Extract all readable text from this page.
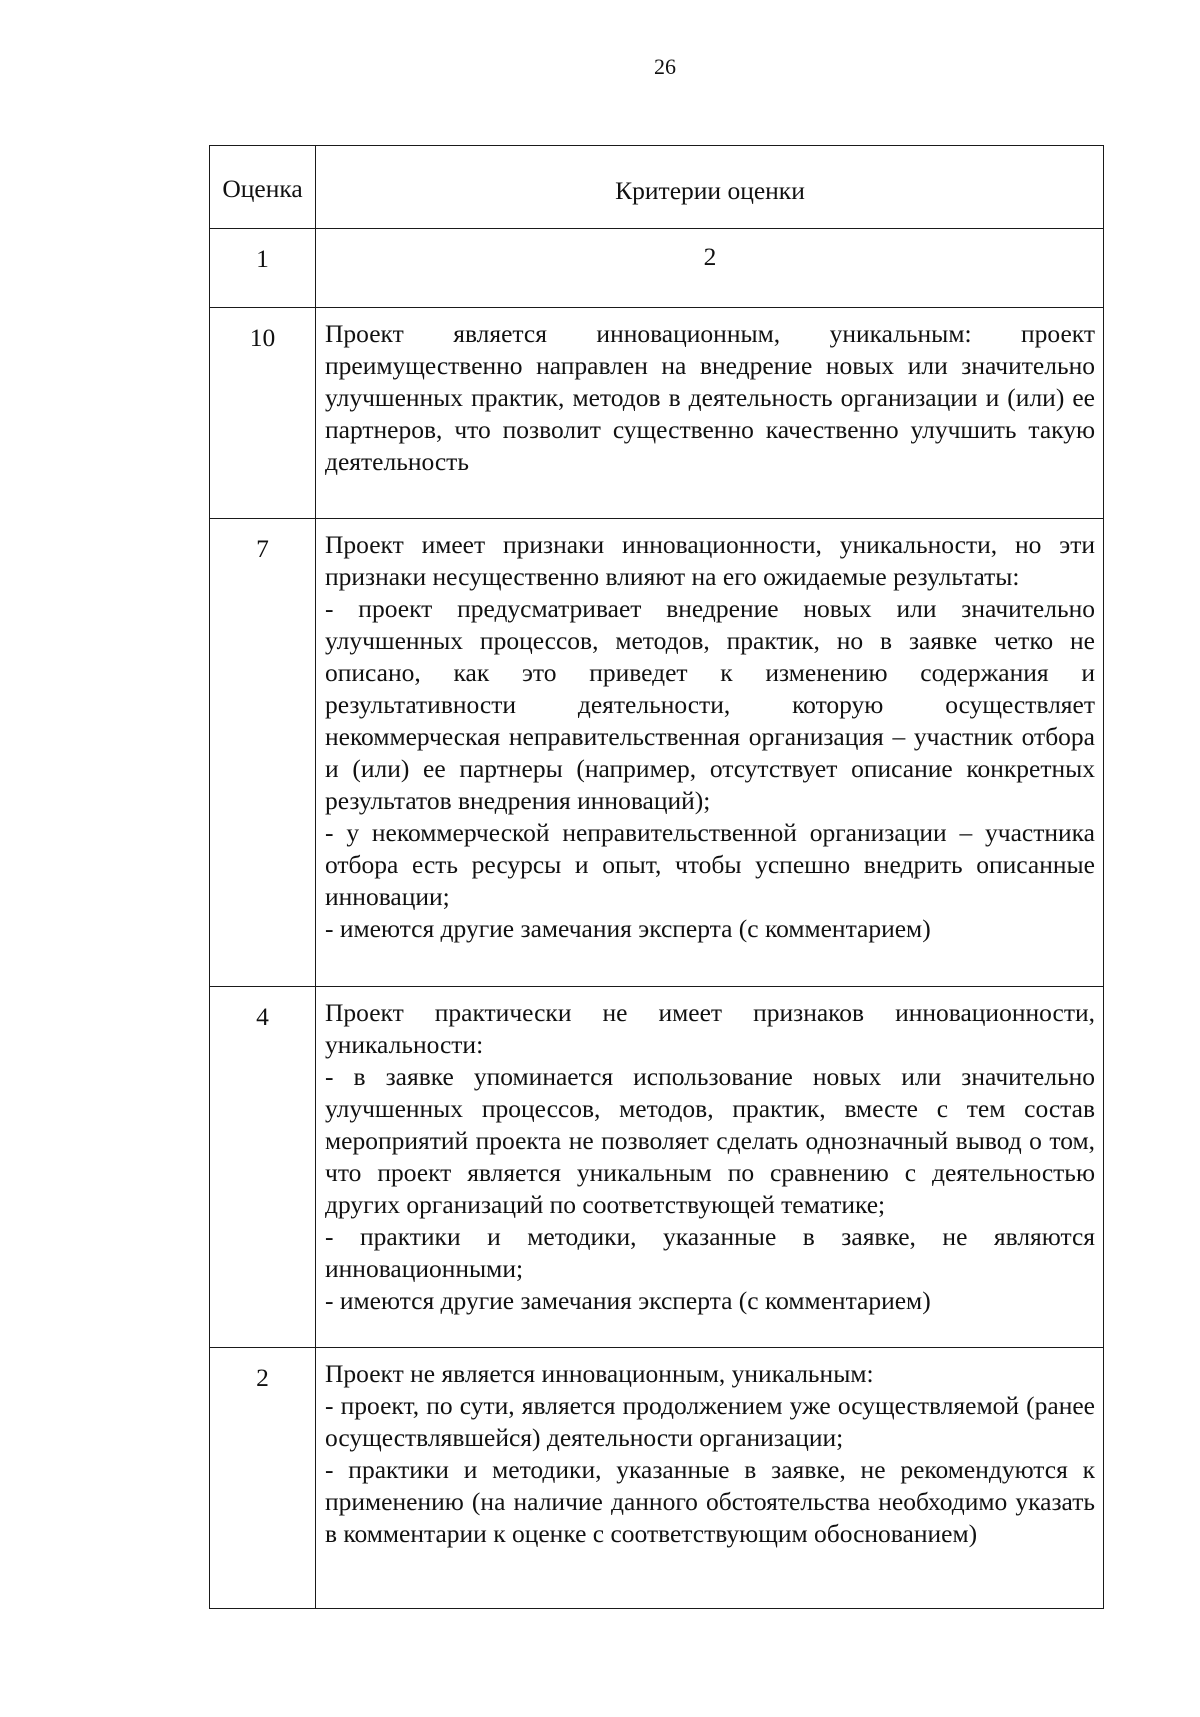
26
Оценка	Критерии оценки
1	2
10	Проект является инновационным, уникальным: проект преимущественно направлен на внедрение новых или значительно улучшенных практик, методов в деятельность организации и (или) ее партнеров, что позволит существенно качественно улучшить такую деятельность

7	Проект имеет признаки инновационности, уникальности, но эти признаки несущественно влияют на его ожидаемые результаты:

- проект предусматривает внедрение новых или значительно улучшенных процессов, методов, практик, но в заявке четко не описано, как это приведет к изменению содержания и результативности деятельности, которую осуществляет некоммерческая неправительственная организация – участник отбора и (или) ее партнеры (например, отсутствует описание конкретных результатов внедрения инноваций);

- у некоммерческой неправительственной организации – участника отбора есть ресурсы и опыт, чтобы успешно внедрить описанные инновации;

- имеются другие замечания эксперта (с комментарием)

4	Проект практически не имеет признаков инновационности, уникальности:

- в заявке упоминается использование новых или значительно улучшенных процессов, методов, практик, вместе с тем состав мероприятий проекта не позволяет сделать однозначный вывод о том, что проект является уникальным по сравнению с деятельностью других организаций по соответствующей тематике;

- практики и методики, указанные в заявке, не являются инновационными;

- имеются другие замечания эксперта (с комментарием)

2	Проект не является инновационным, уникальным:

- проект, по сути, является продолжением уже осуществляемой (ранее осуществлявшейся) деятельности организации;

- практики и методики, указанные в заявке, не рекомендуются к применению (на наличие данного обстоятельства необходимо указать в комментарии к оценке с соответствующим обоснованием)
